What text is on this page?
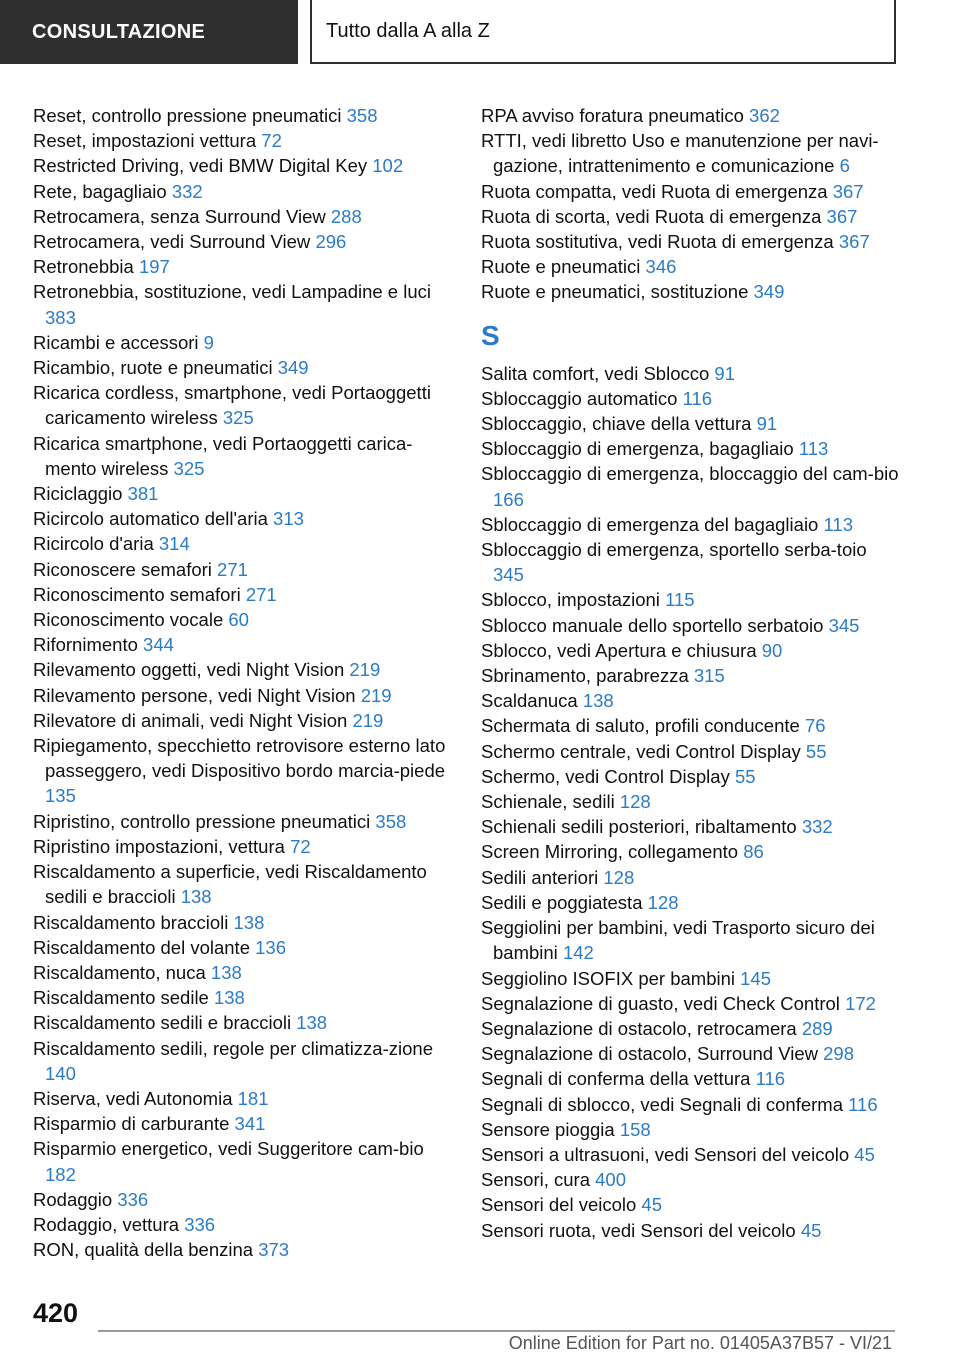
CONSULTAZIONE	Tutto dalla A alla Z
Reset, controllo pressione pneumatici 358
Reset, impostazioni vettura 72
Restricted Driving, vedi BMW Digital Key 102
Rete, bagagliaio 332
Retrocamera, senza Surround View 288
Retrocamera, vedi Surround View 296
Retronebbia 197
Retronebbia, sostituzione, vedi Lampadine e luci 383
Ricambi e accessori 9
Ricambio, ruote e pneumatici 349
Ricarica cordless, smartphone, vedi Portaoggetti caricamento wireless 325
Ricarica smartphone, vedi Portaoggetti carica-mento wireless 325
Riciclaggio 381
Ricircolo automatico dell'aria 313
Ricircolo d'aria 314
Riconoscere semafori 271
Riconoscimento semafori 271
Riconoscimento vocale 60
Rifornimento 344
Rilevamento oggetti, vedi Night Vision 219
Rilevamento persone, vedi Night Vision 219
Rilevatore di animali, vedi Night Vision 219
Ripiegamento, specchietto retrovisore esterno lato passeggero, vedi Dispositivo bordo marcia-piede 135
Ripristino, controllo pressione pneumatici 358
Ripristino impostazioni, vettura 72
Riscaldamento a superficie, vedi Riscaldamento sedili e braccioli 138
Riscaldamento braccioli 138
Riscaldamento del volante 136
Riscaldamento, nuca 138
Riscaldamento sedile 138
Riscaldamento sedili e braccioli 138
Riscaldamento sedili, regole per climatizza-zione 140
Riserva, vedi Autonomia 181
Risparmio di carburante 341
Risparmio energetico, vedi Suggeritore cam-bio 182
Rodaggio 336
Rodaggio, vettura 336
RON, qualità della benzina 373
RPA avviso foratura pneumatico 362
RTTI, vedi libretto Uso e manutenzione per navi-gazione, intrattenimento e comunicazione 6
Ruota compatta, vedi Ruota di emergenza 367
Ruota di scorta, vedi Ruota di emergenza 367
Ruota sostitutiva, vedi Ruota di emergenza 367
Ruote e pneumatici 346
Ruote e pneumatici, sostituzione 349
S
Salita comfort, vedi Sblocco 91
Sbloccaggio automatico 116
Sbloccaggio, chiave della vettura 91
Sbloccaggio di emergenza, bagagliaio 113
Sbloccaggio di emergenza, bloccaggio del cam-bio 166
Sbloccaggio di emergenza del bagagliaio 113
Sbloccaggio di emergenza, sportello serba-toio 345
Sblocco, impostazioni 115
Sblocco manuale dello sportello serbatoio 345
Sblocco, vedi Apertura e chiusura 90
Sbrinamento, parabrezza 315
Scaldanuca 138
Schermata di saluto, profili conducente 76
Schermo centrale, vedi Control Display 55
Schermo, vedi Control Display 55
Schienale, sedili 128
Schienali sedili posteriori, ribaltamento 332
Screen Mirroring, collegamento 86
Sedili anteriori 128
Sedili e poggiatesta 128
Seggiolini per bambini, vedi Trasporto sicuro dei bambini 142
Seggiolino ISOFIX per bambini 145
Segnalazione di guasto, vedi Check Control 172
Segnalazione di ostacolo, retrocamera 289
Segnalazione di ostacolo, Surround View 298
Segnali di conferma della vettura 116
Segnali di sblocco, vedi Segnali di conferma 116
Sensore pioggia 158
Sensori a ultrasuoni, vedi Sensori del veicolo 45
Sensori, cura 400
Sensori del veicolo 45
Sensori ruota, vedi Sensori del veicolo 45
420
Online Edition for Part no. 01405A37B57 - VI/21
